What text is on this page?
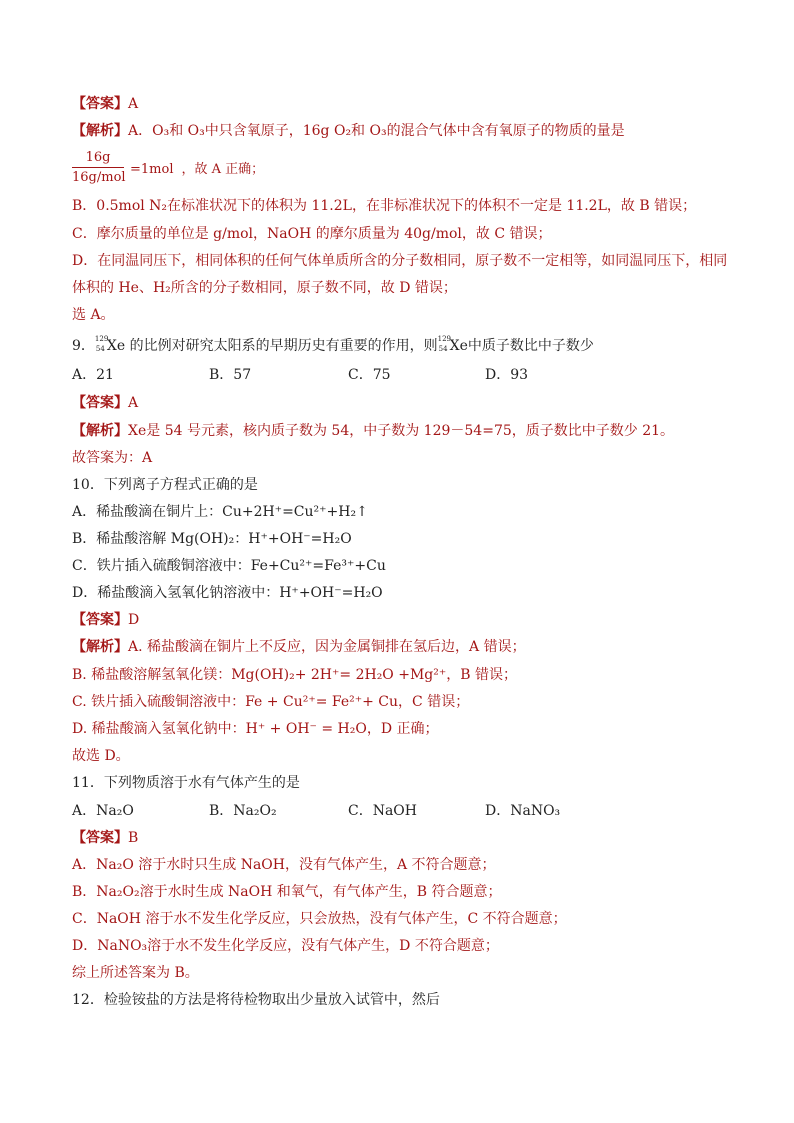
【答案】A
【解析】A．O₃和 O₃中只含氧原子，16g O₂和 O₃的混合气体中含有氧原子的物质的量是
16g
16g/mol
=1mol ，故 A 正确；
B．0.5mol N₂在标准状况下的体积为 11.2L，在非标准状况下的体积不一定是 11.2L，故 B 错误；
C．摩尔质量的单位是 g/mol，NaOH 的摩尔质量为 40g/mol，故 C 错误；
D．在同温同压下，相同体积的任何气体单质所含的分子数相同，原子数不一定相等，如同温同压下，相同
体积的 He、H₂所含的分子数相同，原子数不同，故 D 错误；
选 A。
9． 129
54 Xe 的比例对研究太阳系的早期历史有重要的作用，则 129
54 Xe中质子数比中子数少
A．21	B．57	C．75	D．93
【答案】A
【解析】Xe是 54 号元素，核内质子数为 54，中子数为 129－54=75，质子数比中子数少 21。
故答案为：A
10．下列离子方程式正确的是
A．稀盐酸滴在铜片上：Cu+2H⁺=Cu²⁺+H₂↑
B．稀盐酸溶解 Mg(OH)₂：H⁺+OH⁻=H₂O
C．铁片插入硫酸铜溶液中：Fe+Cu²⁺=Fe³⁺+Cu
D．稀盐酸滴入氢氧化钠溶液中：H⁺+OH⁻=H₂O
【答案】D
【解析】A. 稀盐酸滴在铜片上不反应，因为金属铜排在氢后边，A 错误；
B. 稀盐酸溶解氢氧化镁：Mg(OH)₂+ 2H⁺= 2H₂O +Mg²⁺，B 错误；
C. 铁片插入硫酸铜溶液中：Fe + Cu²⁺= Fe²⁺+ Cu，C 错误；
D. 稀盐酸滴入氢氧化钠中：H⁺ + OH⁻ = H₂O，D 正确；
故选 D。
11．下列物质溶于水有气体产生的是
A．Na₂O	B．Na₂O₂	C．NaOH	D．NaNO₃
【答案】B
A．Na₂O 溶于水时只生成 NaOH，没有气体产生，A 不符合题意；
B．Na₂O₂溶于水时生成 NaOH 和氧气，有气体产生，B 符合题意；
C．NaOH 溶于水不发生化学反应，只会放热，没有气体产生，C 不符合题意；
D．NaNO₃溶于水不发生化学反应，没有气体产生，D 不符合题意；
综上所述答案为 B。
12．检验铵盐的方法是将待检物取出少量放入试管中，然后
